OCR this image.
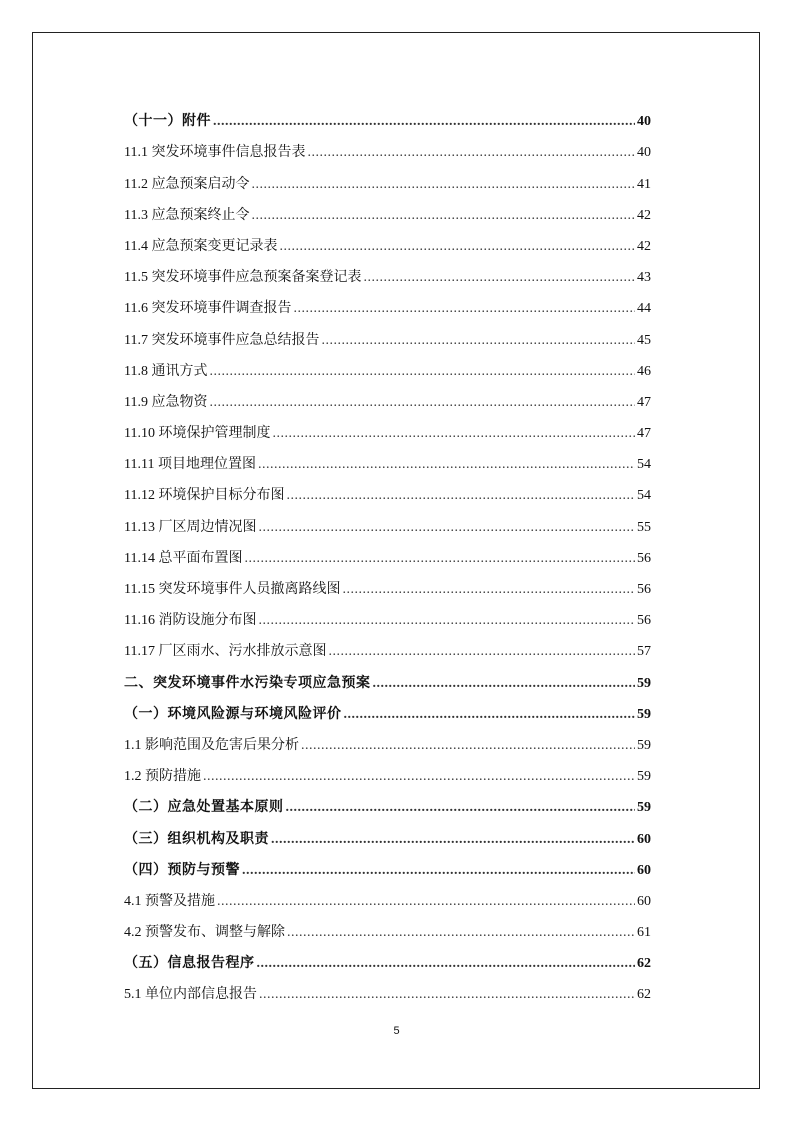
（十一）附件 .....	40
11.1 突发环境事件信息报告表 .....	40
11.2 应急预案启动令 .....	41
11.3 应急预案终止令 .....	42
11.4 应急预案变更记录表 .....	42
11.5 突发环境事件应急预案备案登记表 .....	43
11.6 突发环境事件调查报告 .....	44
11.7 突发环境事件应急总结报告 .....	45
11.8 通讯方式 .....	46
11.9 应急物资 .....	47
11.10 环境保护管理制度 .....	47
11.11 项目地理位置图 .....	54
11.12 环境保护目标分布图 .....	54
11.13 厂区周边情况图 .....	55
11.14 总平面布置图 .....	56
11.15 突发环境事件人员撤离路线图 .....	56
11.16 消防设施分布图 .....	56
11.17 厂区雨水、污水排放示意图 .....	57
二、突发环境事件水污染专项应急预案 .....	59
（一）环境风险源与环境风险评价 .....	59
1.1 影响范围及危害后果分析 .....	59
1.2 预防措施 .....	59
（二）应急处置基本原则 .....	59
（三）组织机构及职责 .....	60
（四）预防与预警 .....	60
4.1 预警及措施 .....	60
4.2 预警发布、调整与解除 .....	61
（五）信息报告程序 .....	62
5.1 单位内部信息报告 .....	62
5
